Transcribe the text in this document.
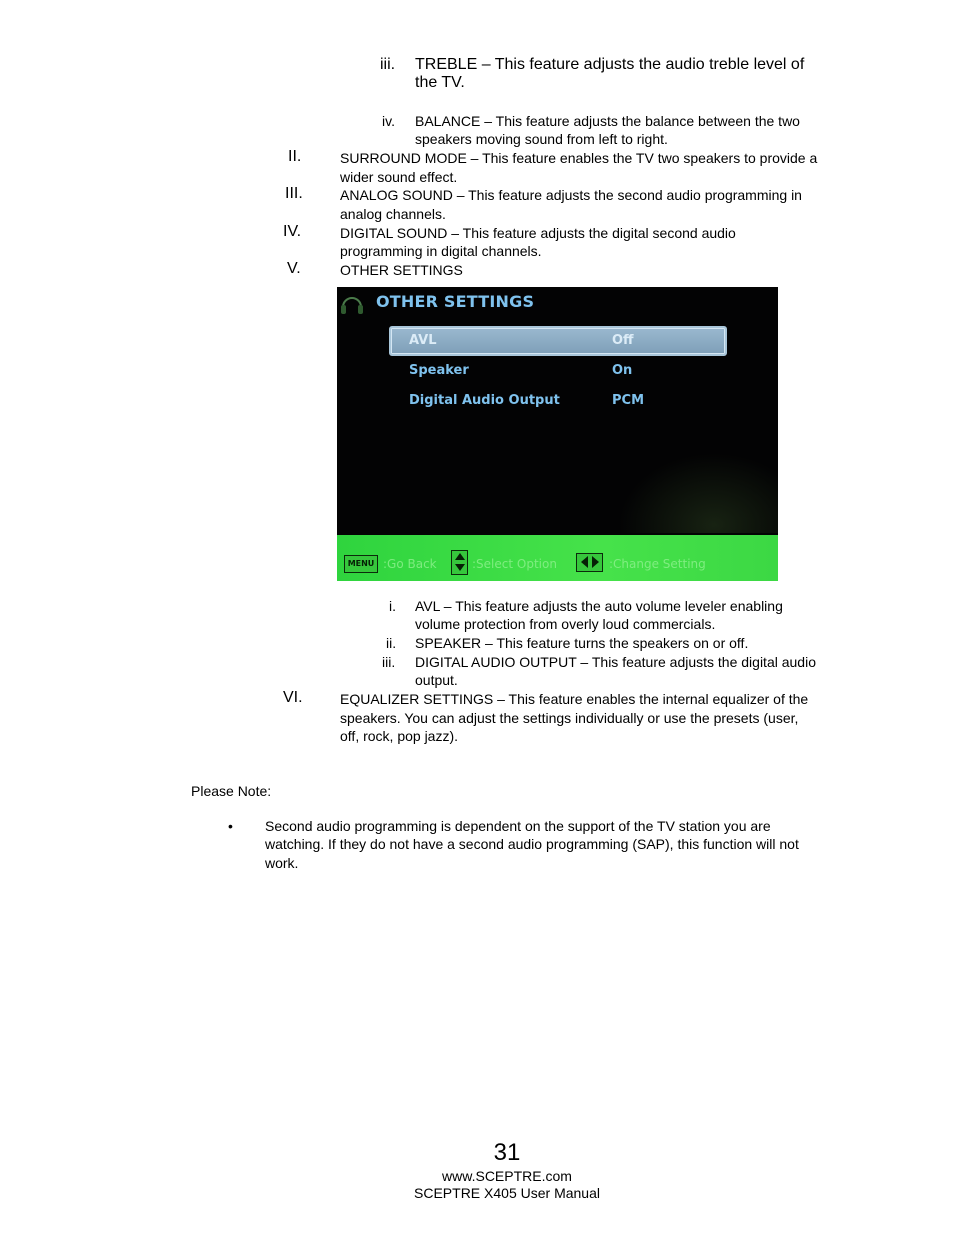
iii. TREBLE – This feature adjusts the audio treble level of
the TV.
iv. BALANCE – This feature adjusts the balance between the two
speakers moving sound from left to right.
II.	SURROUND MODE – This feature enables the TV two speakers to provide a
wider sound effect.
III.	ANALOG SOUND – This feature adjusts the second audio programming in
analog channels.
IV.	DIGITAL SOUND – This feature adjusts the digital second audio
programming in digital channels.
V.	OTHER SETTINGS
OTHER SETTINGS
AVL	Off
Speaker	On
Digital Audio Output	PCM
MENU :Go Back	:Select Option	:Change Setting
i. AVL – This feature adjusts the auto volume leveler enabling
volume protection from overly loud commercials.
ii. SPEAKER – This feature turns the speakers on or off.
iii. DIGITAL AUDIO OUTPUT – This feature adjusts the digital audio
output.
VI.	EQUALIZER SETTINGS – This feature enables the internal equalizer of the
speakers. You can adjust the settings individually or use the presets (user,
off, rock, pop jazz).
Please Note:
• Second audio programming is dependent on the support of the TV station you are
watching. If they do not have a second audio programming (SAP), this function will not
work.
31
www.SCEPTRE.com
SCEPTRE X405 User Manual
